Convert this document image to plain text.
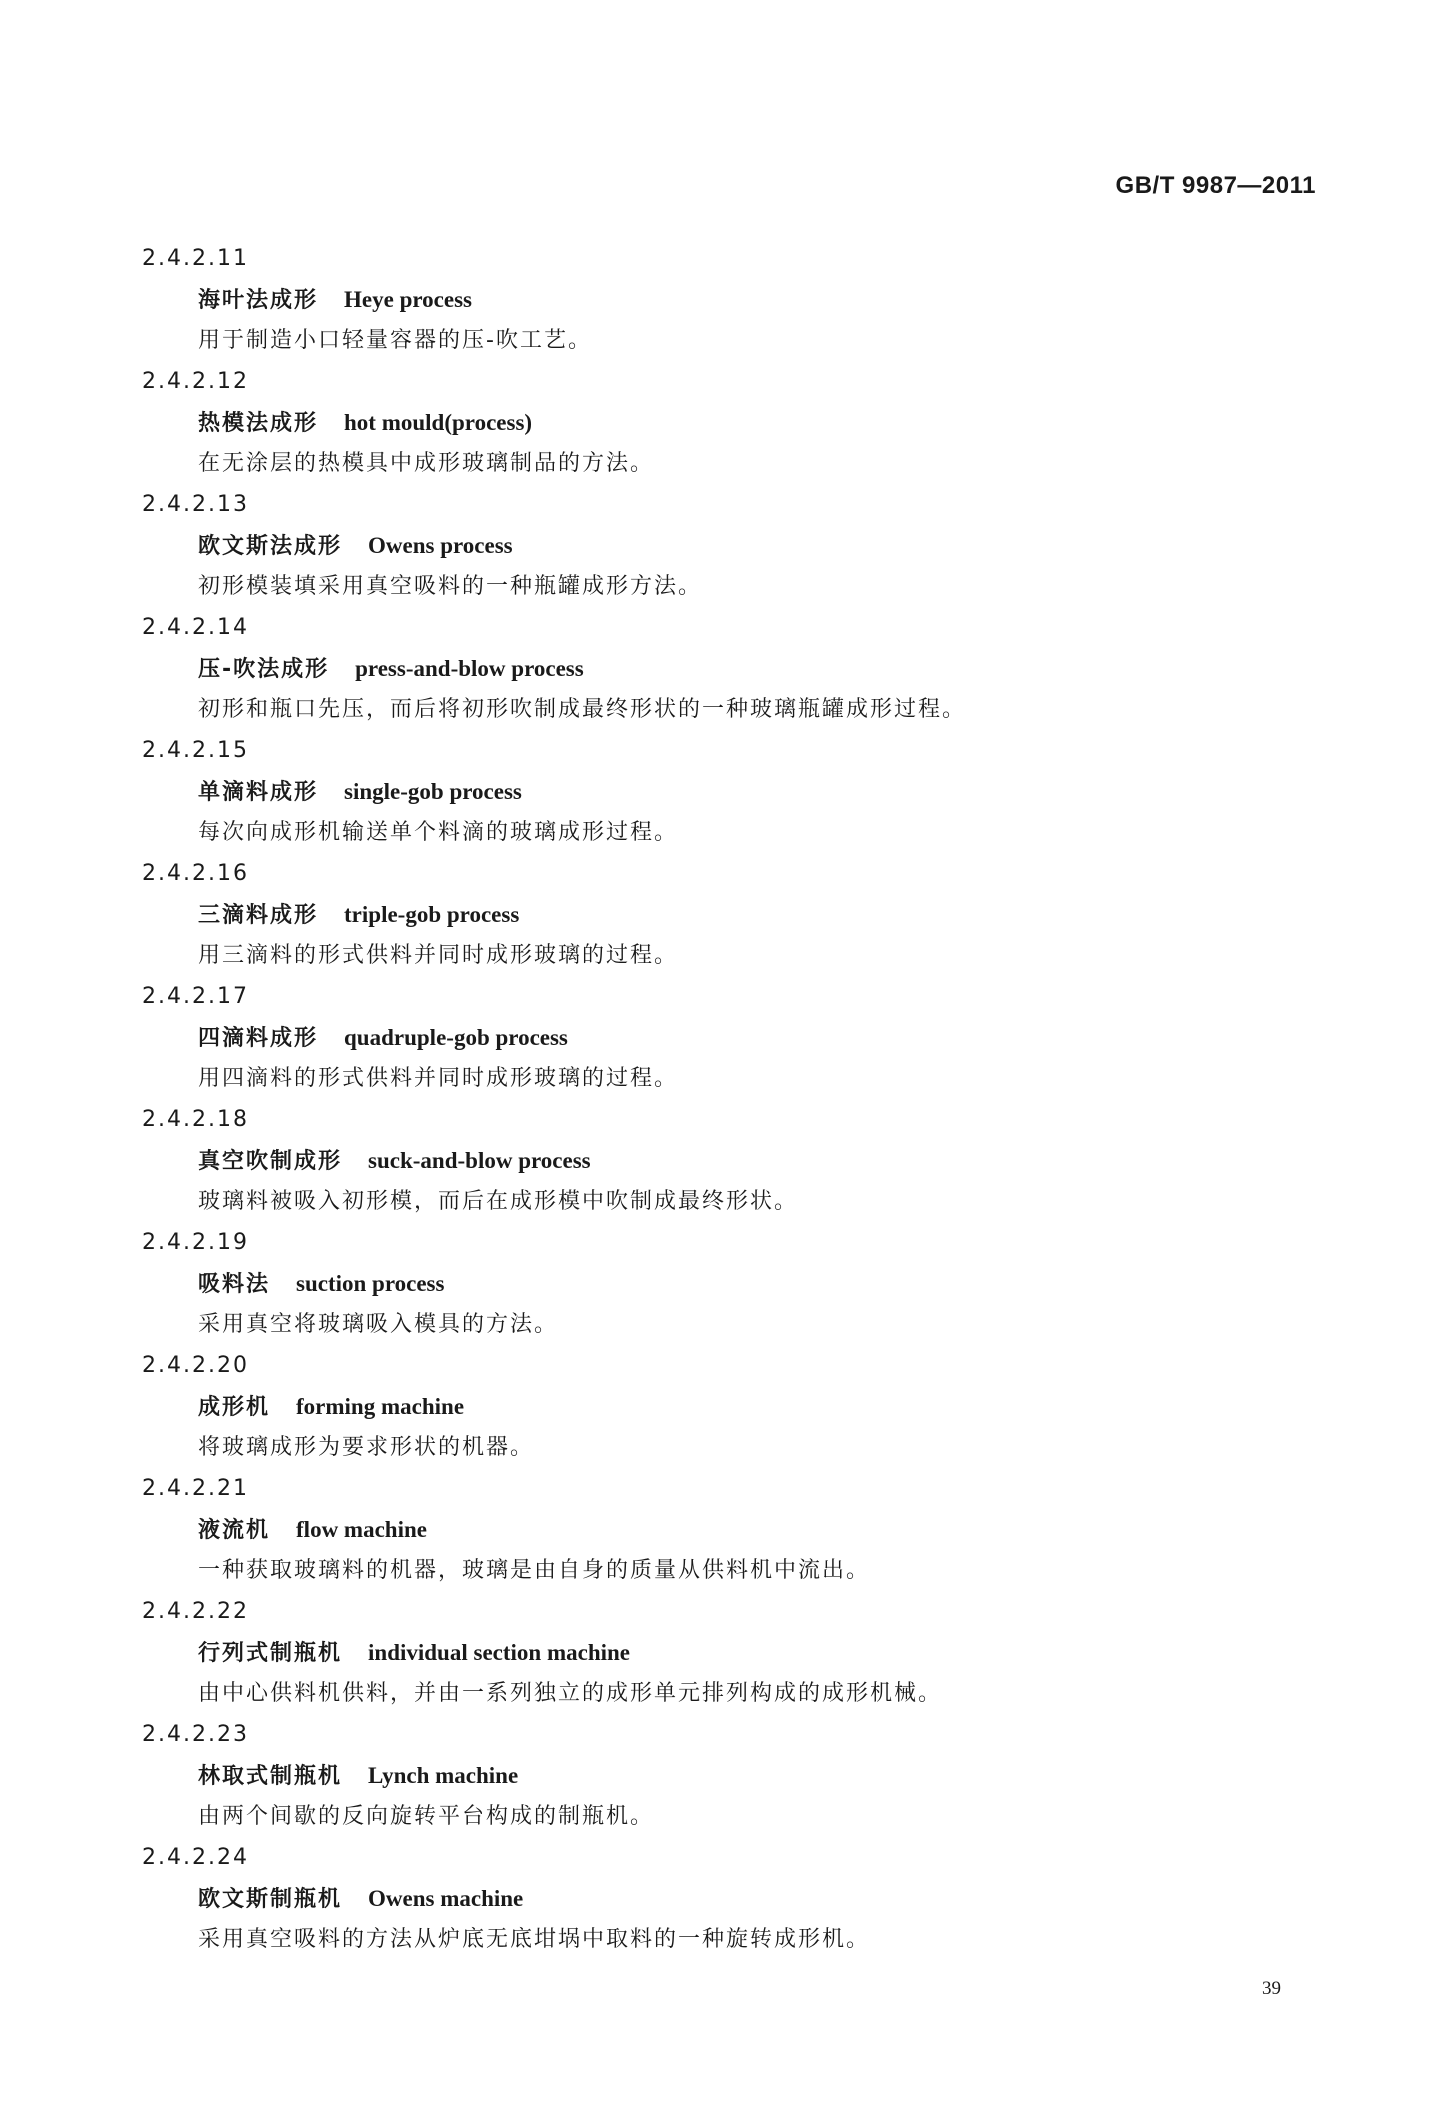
GB/T 9987—2011
2.4.2.11
海叶法成形 Heye process
用于制造小口轻量容器的压-吹工艺。
2.4.2.12
热模法成形 hot mould(process)
在无涂层的热模具中成形玻璃制品的方法。
2.4.2.13
欧文斯法成形 Owens process
初形模装填采用真空吸料的一种瓶罐成形方法。
2.4.2.14
压-吹法成形 press-and-blow process
初形和瓶口先压，而后将初形吹制成最终形状的一种玻璃瓶罐成形过程。
2.4.2.15
单滴料成形 single-gob process
每次向成形机输送单个料滴的玻璃成形过程。
2.4.2.16
三滴料成形 triple-gob process
用三滴料的形式供料并同时成形玻璃的过程。
2.4.2.17
四滴料成形 quadruple-gob process
用四滴料的形式供料并同时成形玻璃的过程。
2.4.2.18
真空吹制成形 suck-and-blow process
玻璃料被吸入初形模，而后在成形模中吹制成最终形状。
2.4.2.19
吸料法 suction process
采用真空将玻璃吸入模具的方法。
2.4.2.20
成形机 forming machine
将玻璃成形为要求形状的机器。
2.4.2.21
液流机 flow machine
一种获取玻璃料的机器，玻璃是由自身的质量从供料机中流出。
2.4.2.22
行列式制瓶机 individual section machine
由中心供料机供料，并由一系列独立的成形单元排列构成的成形机械。
2.4.2.23
林取式制瓶机 Lynch machine
由两个间歇的反向旋转平台构成的制瓶机。
2.4.2.24
欧文斯制瓶机 Owens machine
采用真空吸料的方法从炉底无底坩埚中取料的一种旋转成形机。
39
